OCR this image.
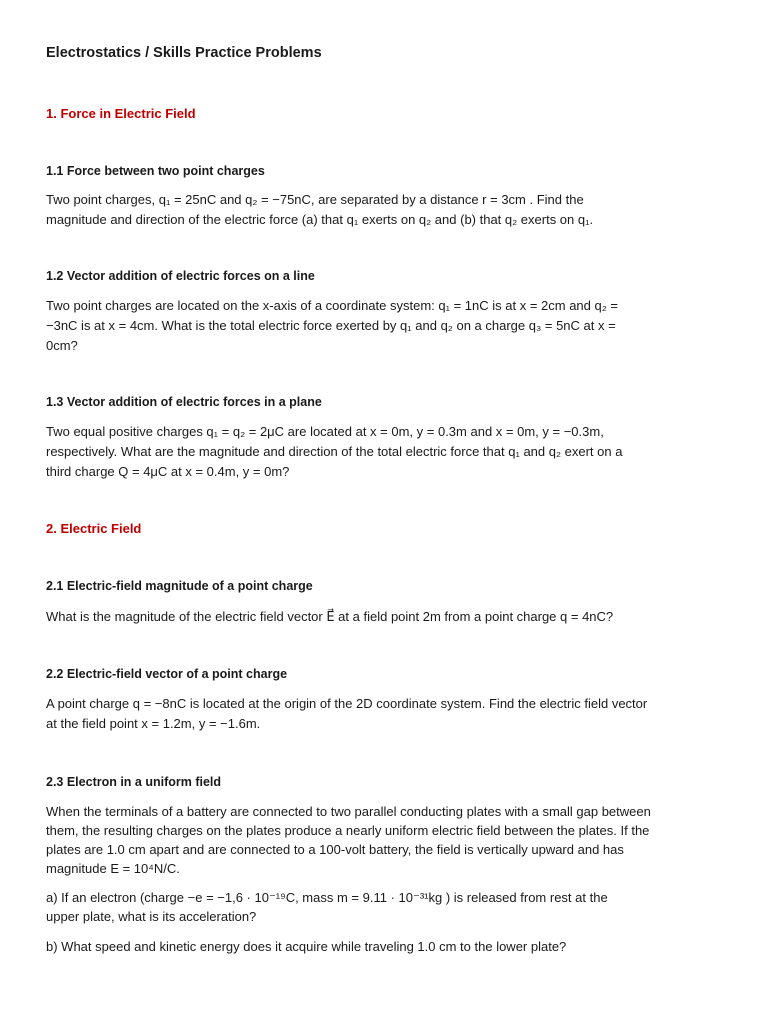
Electrostatics / Skills Practice Problems
1. Force in Electric Field
1.1 Force between two point charges
Two point charges, q₁ = 25nC and q₂ = −75nC, are separated by a distance r = 3cm . Find the
magnitude and direction of the electric force (a) that q₁ exerts on q₂ and (b) that q₂ exerts on q₁.
1.2 Vector addition of electric forces on a line
Two point charges are located on the x-axis of a coordinate system: q₁ = 1nC is at x = 2cm and q₂ =
−3nC is at x = 4cm. What is the total electric force exerted by q₁ and q₂ on a charge q₃ = 5nC at x =
0cm?
1.3 Vector addition of electric forces in a plane
Two equal positive charges q₁ = q₂ = 2μC are located at x = 0m, y = 0.3m and x = 0m, y = −0.3m,
respectively. What are the magnitude and direction of the total electric force that q₁ and q₂ exert on a
third charge Q = 4μC at x = 0.4m, y = 0m?
2. Electric Field
2.1 Electric-field magnitude of a point charge
What is the magnitude of the electric field vector E⃗ at a field point 2m from a point charge q = 4nC?
2.2 Electric-field vector of a point charge
A point charge q = −8nC is located at the origin of the 2D coordinate system. Find the electric field vector
at the field point x = 1.2m, y = −1.6m.
2.3 Electron in a uniform field
When the terminals of a battery are connected to two parallel conducting plates with a small gap between
them, the resulting charges on the plates produce a nearly uniform electric field between the plates. If the
plates are 1.0 cm apart and are connected to a 100-volt battery, the field is vertically upward and has
magnitude E = 10⁴N/C.
a) If an electron (charge −e = −1,6 · 10⁻¹⁹C, mass m = 9.11 · 10⁻³¹kg ) is released from rest at the
upper plate, what is its acceleration?
b) What speed and kinetic energy does it acquire while traveling 1.0 cm to the lower plate?
